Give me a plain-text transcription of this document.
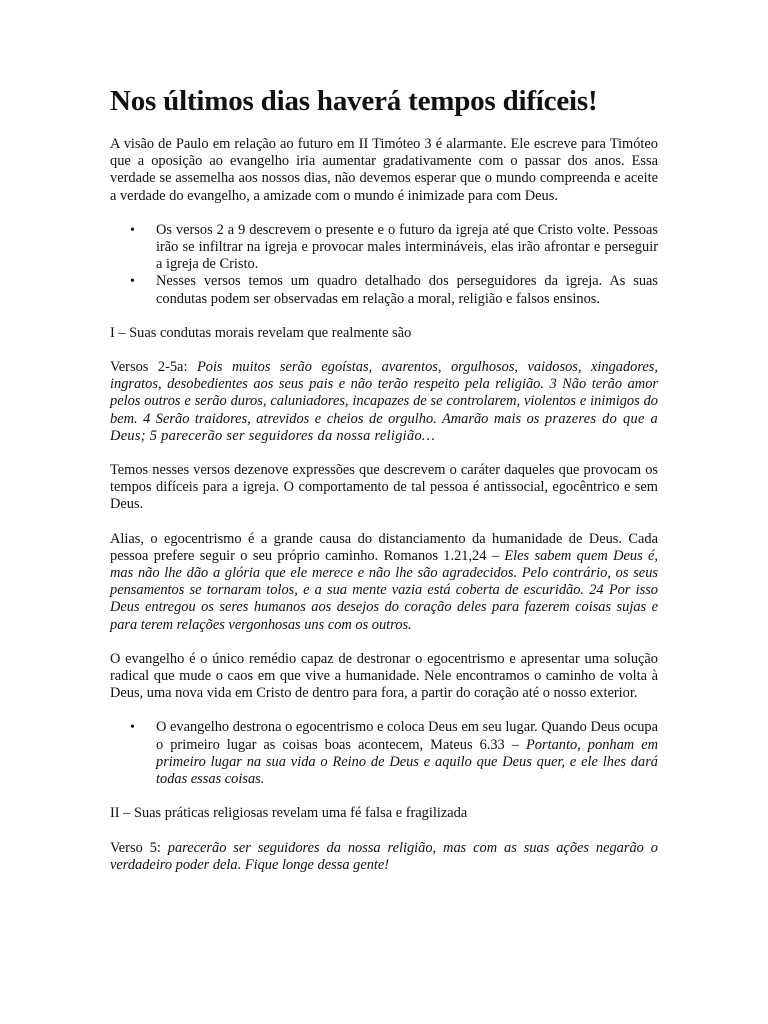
Nos últimos dias haverá tempos difíceis!

A visão de Paulo em relação ao futuro em II Timóteo 3 é alarmante. Ele escreve para Timóteo que a oposição ao evangelho iria aumentar gradativamente com o passar dos anos. Essa verdade se assemelha aos nossos dias, não devemos esperar que o mundo compreenda e aceite a verdade do evangelho, a amizade com o mundo é inimizade para com Deus.

• Os versos 2 a 9 descrevem o presente e o futuro da igreja até que Cristo volte. Pessoas irão se infiltrar na igreja e provocar males intermináveis, elas irão afrontar e perseguir a igreja de Cristo.
• Nesses versos temos um quadro detalhado dos perseguidores da igreja. As suas condutas podem ser observadas em relação a moral, religião e falsos ensinos.

I – Suas condutas morais revelam que realmente são

Versos 2-5a: Pois muitos serão egoístas, avarentos, orgulhosos, vaidosos, xingadores, ingratos, desobedientes aos seus pais e não terão respeito pela religião. 3 Não terão amor pelos outros e serão duros, caluniadores, incapazes de se controlarem, violentos e inimigos do bem. 4 Serão traidores, atrevidos e cheios de orgulho. Amarão mais os prazeres do que a Deus; 5 parecerão ser seguidores da nossa religião…

Temos nesses versos dezenove expressões que descrevem o caráter daqueles que provocam os tempos difíceis para a igreja. O comportamento de tal pessoa é antissocial, egocêntrico e sem Deus.

Alias, o egocentrismo é a grande causa do distanciamento da humanidade de Deus. Cada pessoa prefere seguir o seu próprio caminho. Romanos 1.21,24 – Eles sabem quem Deus é, mas não lhe dão a glória que ele merece e não lhe são agradecidos. Pelo contrário, os seus pensamentos se tornaram tolos, e a sua mente vazia está coberta de escuridão. 24 Por isso Deus entregou os seres humanos aos desejos do coração deles para fazerem coisas sujas e para terem relações vergonhosas uns com os outros.

O evangelho é o único remédio capaz de destronar o egocentrismo e apresentar uma solução radical que mude o caos em que vive a humanidade. Nele encontramos o caminho de volta à Deus, uma nova vida em Cristo de dentro para fora, a partir do coração até o nosso exterior.

• O evangelho destrona o egocentrismo e coloca Deus em seu lugar. Quando Deus ocupa o primeiro lugar as coisas boas acontecem, Mateus 6.33 – Portanto, ponham em primeiro lugar na sua vida o Reino de Deus e aquilo que Deus quer, e ele lhes dará todas essas coisas.

II – Suas práticas religiosas revelam uma fé falsa e fragilizada

Verso 5: parecerão ser seguidores da nossa religião, mas com as suas ações negarão o verdadeiro poder dela. Fique longe dessa gente!
